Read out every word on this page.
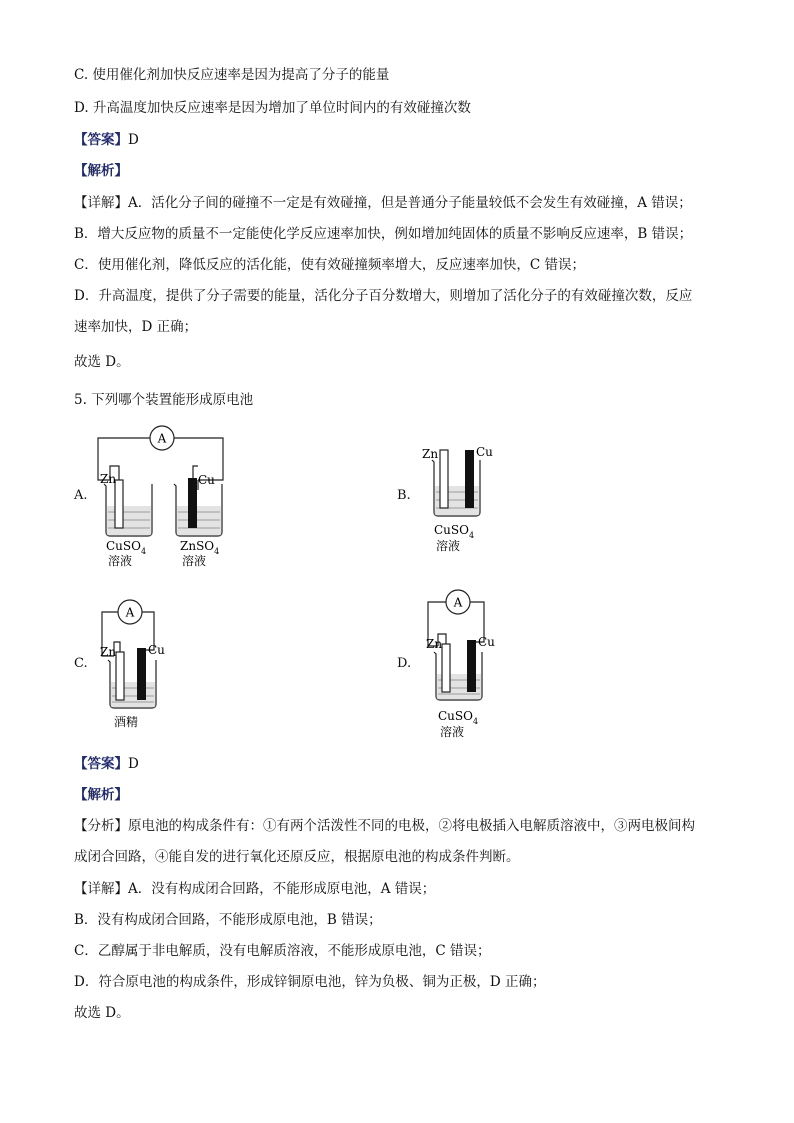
C. 使用催化剂加快反应速率是因为提高了分子的能量
D. 升高温度加快反应速率是因为增加了单位时间内的有效碰撞次数
【答案】D
【解析】
【详解】A．活化分子间的碰撞不一定是有效碰撞，但是普通分子能量较低不会发生有效碰撞，A 错误；
B．增大反应物的质量不一定能使化学反应速率加快，例如增加纯固体的质量不影响反应速率，B 错误；
C．使用催化剂，降低反应的活化能，使有效碰撞频率增大，反应速率加快，C 错误；
D．升高温度，提供了分子需要的能量，活化分子百分数增大，则增加了活化分子的有效碰撞次数，反应
速率加快，D 正确；
故选 D。
5. 下列哪个装置能形成原电池
A.	B.
C.	D.
A
Zn	Cu
CuSO$_4$
溶液
ZnSO$_4$
溶液
Zn	Cu
CuSO$_4$
溶液
A
Zn	Cu
酒精
A
Zn	Cu
CuSO$_4$
溶液
【答案】D
【解析】
【分析】原电池的构成条件有：①有两个活泼性不同的电极，②将电极插入电解质溶液中，③两电极间构
成闭合回路，④能自发的进行氧化还原反应，根据原电池的构成条件判断。
【详解】A．没有构成闭合回路，不能形成原电池，A 错误；
B．没有构成闭合回路，不能形成原电池，B 错误；
C．乙醇属于非电解质，没有电解质溶液，不能形成原电池，C 错误；
D．符合原电池的构成条件，形成锌铜原电池，锌为负极、铜为正极，D 正确；
故选 D。
